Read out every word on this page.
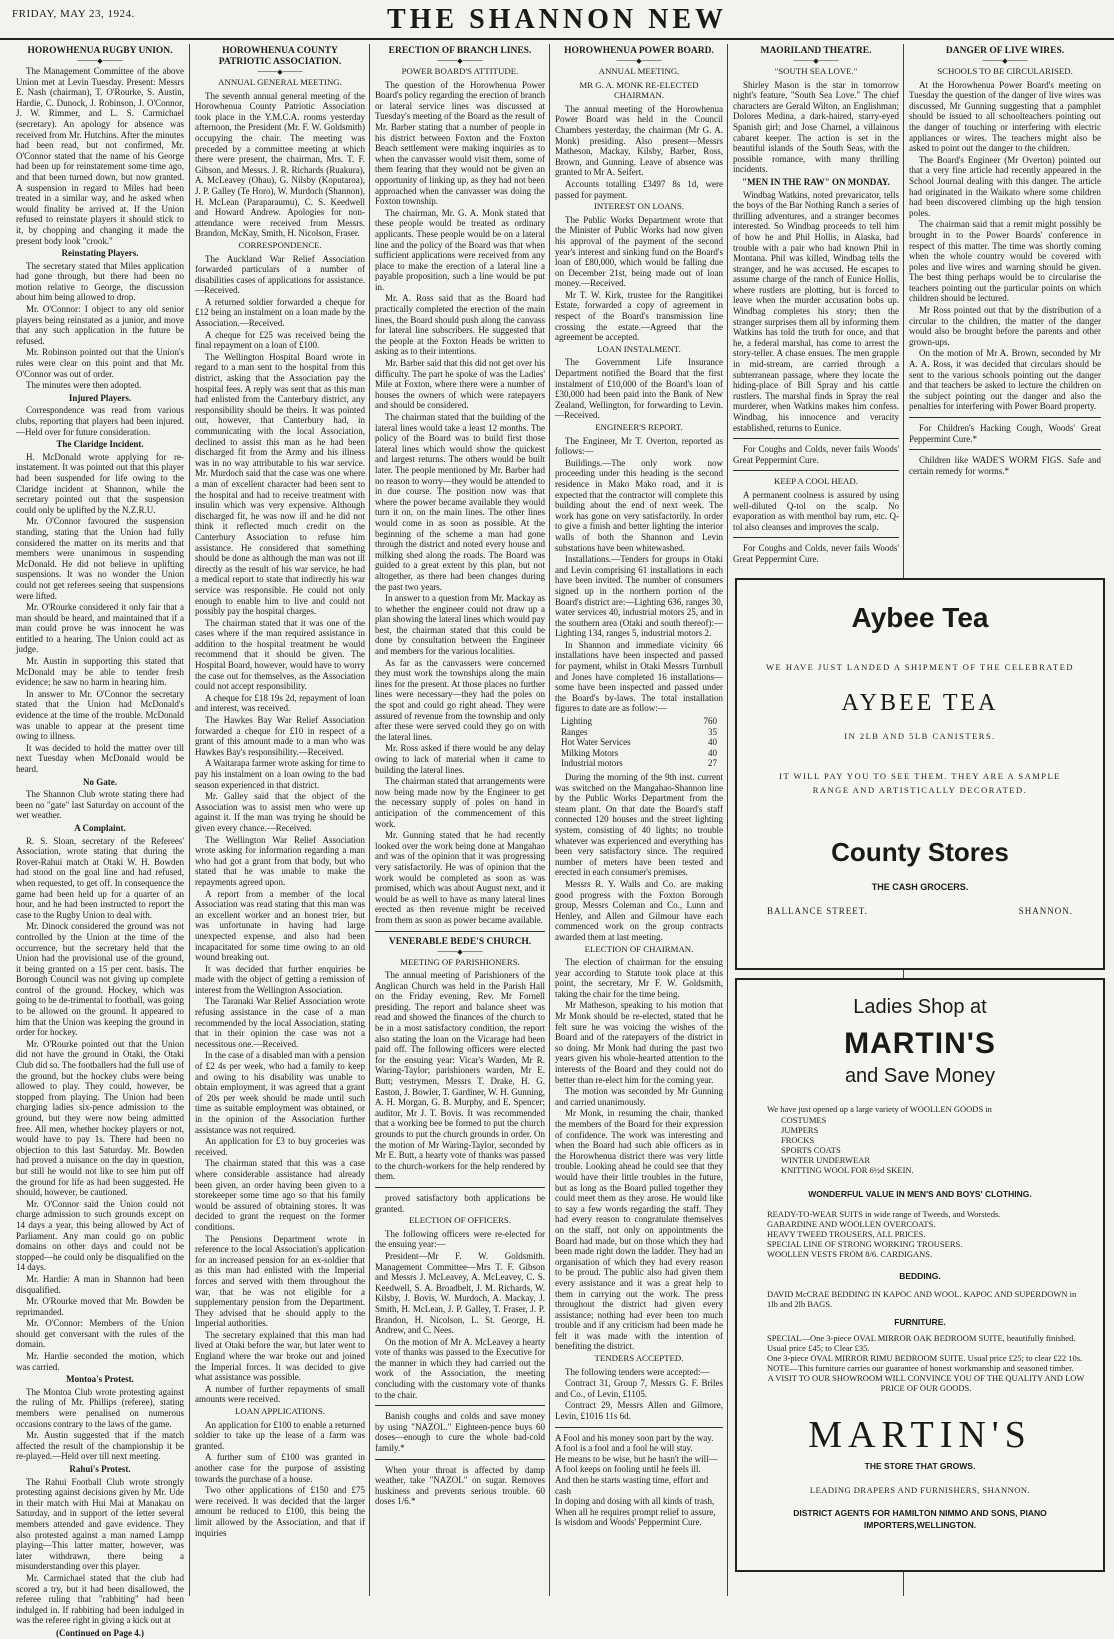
FRIDAY, MAY 23, 1924.	THE SHANNON NEW
HOROWHENUA RUGBY UNION.
────◆────

The Management Committee of the above Union met at Levin Tuesday. Present: Messrs E. Nash (chairman), T. O'Rourke, S. Austin, Hardie, C. Dunock, J. Robinson, J. O'Connor, J. W. Rimmer, and L. S. Carmichael (secretary). An apology for absence was received from Mr. Hutchins. After the minutes had been read, but not confirmed, Mr. O'Connor stated that the name of his George had been up for reinstatement some time ago, and that been turned down, but now granted. A suspension in regard to Miles had been treated in a similar way, and he asked when would finality be arrived at. If the Union refused to reinstate players it should stick to it, by chopping and changing it made the present body look "crook."

Reinstating Players.

The secretary stated that Miles application had gone through, but there had been no motion relative to George, the discussion about him being allowed to drop.

Mr. O'Connor: I object to any old senior players being reinstated as a junior, and move that any such application in the future be refused.

Mr. Robinson pointed out that the Union's rules were clear on this point and that Mr. O'Connor was out of order.

The minutes were then adopted.

Injured Players.

Correspondence was read from various clubs, reporting that players had been injured.—Held over for future consideration.

The Claridge Incident.

H. McDonald wrote applying for re-instatement. It was pointed out that this player had been suspended for life owing to the Claridge incident at Shannon, while the secretary pointed out that the suspension could only be uplifted by the N.Z.R.U.

Mr. O'Connor favoured the suspension standing, stating that the Union had fully considered the matter on its merits and that members were unanimous in suspending McDonald. He did not believe in uplifting suspensions. It was no wonder the Union could not get referees seeing that suspensions were lifted.

Mr. O'Rourke considered it only fair that a man should be heard, and maintained that if a man could prove he was innocent he was entitled to a hearing. The Union could act as judge.

Mr. Austin in supporting this stated that McDonald may be able to tender fresh evidence; he saw no harm in hearing him.

In answer to Mr. O'Connor the secretary stated that the Union had McDonald's evidence at the time of the trouble. McDonald was unable to appear at the present time owing to illness.

It was decided to hold the matter over till next Tuesday when McDonald would be heard.

No Gate.

The Shannon Club wrote stating there had been no "gate" last Saturday on account of the wet weather.

A Complaint.

R. S. Sloan, secretary of the Referees' Association, wrote stating that during the Rover-Rahui match at Otaki W. H. Bowden had stood on the goal line and had refused, when requested, to get off. In consequence the game had been held up for a quarter of an hour, and he had been instructed to report the case to the Rugby Union to deal with.

Mr. Dinock considered the ground was not controlled by the Union at the time of the occurrence, but the secretary held that the Union had the provisional use of the ground, it being granted on a 15 per cent. basis. The Borough Council was not giving up complete control of the ground. Hockey, which was going to be de-trimental to football, was going to be allowed on the ground. It appeared to him that the Union was keeping the ground in order for hockey.

Mr. O'Rourke pointed out that the Union did not have the ground in Otaki, the Otaki Club did so. The footballers had the full use of the ground, but the hockey clubs were being allowed to play. They could, however, be stopped from playing. The Union had been charging ladies six-pence admission to the ground, but they were now being admitted free. All men, whether hockey players or not, would have to pay 1s. There had been no objection to this last Saturday. Mr. Bowden had proved a nuisance on the day in question, but still he would not like to see him put off the ground for life as had been suggested. He should, however, be cautioned.

Mr. O'Connor said the Union could not charge admission to such grounds except on 14 days a year, this being allowed by Act of Parliament. Any man could go on public domains on other days and could not be stopped—he could only be disqualified on the 14 days.

Mr. Hardie: A man in Shannon had been disqualified.

Mr. O'Rourke moved that Mr. Bowden be reprimanded.

Mr. O'Connor: Members of the Union should get conversant with the rules of the domain.

Mr. Hardie seconded the motion, which was carried.

Montoa's Protest.

The Montoa Club wrote protesting against the ruling of Mr. Phillips (referee), stating members were penalised on numerous occasions contrary to the laws of the game.

Mr. Austin suggested that if the match affected the result of the championship it be re-played.—Held over till next meeting.

Rahui's Protest.

The Rahui Football Club wrote strongly protesting against decisions given by Mr. Ude in their match with Hui Mai at Manakau on Saturday, and in support of the letter several members attended and gave evidence. They also protested against a man named Lampp playing—This latter matter, however, was later withdrawn, there being a misunderstanding over this player.

Mr. Carmichael stated that the club had scored a try, but it had been disallowed, the referee ruling that "rabbiting" had been indulged in. If rabbiting had been indulged in was the referee right in giving a kick out at

(Continued on Page 4.)
HOROWHENUA COUNTY PATRIOTIC ASSOCIATION.
────◆────
ANNUAL GENERAL MEETING.

The seventh annual general meeting of the Horowhenua County Patriotic Association took place in the Y.M.C.A. rooms yesterday afternoon, the President (Mr. F. W. Goldsmith) occupying the chair. The meeting was preceded by a committee meeting at which there were present, the chairman, Mrs. T. F. Gibson, and Messrs. J. R. Richards (Ruakura), A. McLeavey (Ohau), G. Nilsby (Koputaroa), J. P. Galley (Te Horo), W. Murdoch (Shannon), H. McLean (Paraparaumu), C. S. Keedwell and Howard Andrew. Apologies for non-attendance were received from Messrs. Brandon, McKay, Smith, H. Nicolson, Fraser.

CORRESPONDENCE.

The Auckland War Relief Association forwarded particulars of a number of disabilities cases of applications for assistance.—Received.

A returned soldier forwarded a cheque for £12 being an instalment on a loan made by the Association.—Received.

A cheque for £25 was received being the final repayment on a loan of £100.

The Wellington Hospital Board wrote in regard to a man sent to the hospital from this district, asking that the Association pay the hospital fees. A reply was sent that as this man had enlisted from the Canterbury district, any responsibility should be theirs. It was pointed out, however, that Canterbury had, in communicating with the local Association, declined to assist this man as he had been discharged fit from the Army and his illness was in no way attributable to his war service. Mr. Murdoch said that the case was one where a man of excellent character had been sent to the hospital and had to receive treatment with insulin which was very expensive. Although discharged fit, he was now ill and he did not think it reflected much credit on the Canterbury Association to refuse him assistance. He considered that something should be done as although the man was not ill directly as the result of his war service, he had a medical report to state that indirectly his war service was responsible. He could not only enough to enable him to live and could not possibly pay the hospital charges.

The chairman stated that it was one of the cases where if the man required assistance in addition to the hospital treatment he would recommend that it should be given. The Hospital Board, however, would have to worry the case out for themselves, as the Association could not accept responsibility.

A cheque for £18 19s 2d, repayment of loan and interest, was received.

The Hawkes Bay War Relief Association forwarded a cheque for £10 in respect of a grant of this amount made to a man who was Hawkes Bay's responsibility.—Received.

A Waitarapa farmer wrote asking for time to pay his instalment on a loan owing to the bad season experienced in that district.

Mr. Galley said that the object of the Association was to assist men who were up against it. If the man was trying he should be given every chance.—Received.

The Wellington War Relief Association wrote asking for information regarding a man who had got a grant from that body, but who stated that he was unable to make the repayments agreed upon.

A report from a member of the local Association was read stating that this man was an excellent worker and an honest trier, but was unfortunate in having had large unexpected expense, and also had been incapacitated for some time owing to an old wound breaking out.

It was decided that further enquiries be made with the object of getting a remission of interest from the Wellington Association.

The Taranaki War Relief Association wrote refusing assistance in the case of a man recommended by the local Association, stating that in their opinion the case was not a necessitous one.—Received.

In the case of a disabled man with a pension of £2 4s per week, who had a family to keep and owing to his disability was unable to obtain employment, it was agreed that a grant of 20s per week should be made until such time as suitable employment was obtained, or in the opinion of the Association further assistance was not required.

An application for £3 to buy groceries was received.

The chairman stated that this was a case where considerable assistance had already been given, an order having been given to a storekeeper some time ago so that his family would be assured of obtaining stores. It was decided to grant the request on the former conditions.

The Pensions Department wrote in reference to the local Association's application for an increased pension for an ex-soldier that as this man had enlisted with the Imperial forces and served with them throughout the war, that he was not eligible for a supplementary pension from the Department. They advised that he should apply to the Imperial authorities.

The secretary explained that this man had lived at Otaki before the war, but later went to England where the war broke out and joined the Imperial forces. It was decided to give what assistance was possible.

A number of further repayments of small amounts were received.

LOAN APPLICATIONS.

An application for £100 to enable a returned soldier to take up the lease of a farm was granted.

A further sum of £100 was granted in another case for the purpose of assisting towards the purchase of a house.

Two other applications of £150 and £75 were received. It was decided that the larger amount be reduced to £100, this being the limit allowed by the Association, and that if inquiries

ERECTION OF BRANCH LINES.
────◆────
POWER BOARD'S ATTITUDE.

The question of the Horowhenua Power Board's policy regarding the erection of branch or lateral service lines was discussed at Tuesday's meeting of the Board as the result of Mr. Barber stating that a number of people in his district between Foxton and the Foxton Beach settlement were making inquiries as to when the canvasser would visit them, some of them fearing that they would not be given an opportunity of linking up, as they had not been approached when the canvasser was doing the Foxton township.

The chairman, Mr. G. A. Monk stated that these people would be treated as ordinary applicants. These people would be on a lateral line and the policy of the Board was that when sufficient applications were received from any place to make the erection of a lateral line a payable proposition, such a line would be put in.

Mr. A. Ross said that as the Board had practically completed the erection of the main lines, the Board should push along the canvass for lateral line subscribers. He suggested that the people at the Foxton Heads be written to asking as to their intentions.

Mr. Barber said that this did not get over his difficulty. The part he spoke of was the Ladies' Mile at Foxton, where there were a number of houses the owners of which were ratepayers and should be considered.

The chairman stated that the building of the lateral lines would take a least 12 months. The policy of the Board was to build first those lateral lines which would show the quickest and largest returns. The others would be built later. The people mentioned by Mr. Barber had no reason to worry—they would be attended to in due course. The position now was that where the power became available they would turn it on, on the main lines. The other lines would come in as soon as possible. At the beginning of the scheme a man had gone through the district and noted every house and milking shed along the roads. The Board was guided to a great extent by this plan, but not altogether, as there had been changes during the past two years.

In answer to a question from Mr. Mackay as to whether the engineer could not draw up a plan showing the lateral lines which would pay best, the chairman stated that this could be done by consultation between the Engineer and members for the various localities.

As far as the canvassers were concerned they must work the townships along the main lines for the present. At those places no further lines were necessary—they had the poles on the spot and could go right ahead. They were assured of revenue from the township and only after these were served could they go on with the lateral lines.

Mr. Ross asked if there would be any delay owing to lack of material when it came to building the lateral lines.

The chairman stated that arrangements were now being made now by the Engineer to get the necessary supply of poles on hand in anticipation of the commencement of this work.

Mr. Gunning stated that he had recently looked over the work being done at Mangahao and was of the opinion that it was progressing very satisfactorily. He was of opinion that the work would be completed as soon as was promised, which was about August next, and it would be as well to have as many lateral lines erected as then revenue might be received from them as soon as power became available.

VENERABLE BEDE'S CHURCH.
────◆────
MEETING OF PARISHIONERS.

The annual meeting of Parishioners of the Anglican Church was held in the Parish Hall on the Friday evening, Rev. Mr Fornell presiding. The report and balance sheet was read and showed the finances of the church to be in a most satisfactory condition, the report also stating the loan on the Vicarage had been paid off. The following officers were elected for the ensuing year: Vicar's Warden, Mr R. Waring-Taylor; parishioners warden, Mr E. Butt; vestrymen, Messrs T. Drake, H. G. Easton, J. Bowler, T. Gardiner, W. H. Gunning, A. H. Morgan, G. B. Murphy, and E. Spencer; auditor, Mr J. T. Bovis. It was recommended that a working bee be formed to put the church grounds to put the church grounds in order. On the motion of Mr Waring-Taylor, seconded by Mr E. Butt, a hearty vote of thanks was passed to the church-workers for the help rendered by them.

proved satisfactory both applications be granted.

ELECTION OF OFFICERS.

The following officers were re-elected for the ensuing year:—

President—Mr F. W. Goldsmith. Management Committee—Mrs T. F. Gibson and Messrs J. McLeavey, A. McLeavey, C. S. Keedwell, S. A. Broadbelt, J. M. Richards, W. Kilsby, J. Bovis, W. Murdoch, A. Mackay, J. Smith, H. McLean, J. P. Galley, T. Fraser, J. P. Brandon, H. Nicolson, L. St. George, H. Andrew, and C. Nees.

On the motion of Mr A. McLeavey a hearty vote of thanks was passed to the Executive for the manner in which they had carried out the work of the Association, the meeting concluding with the customary vote of thanks to the chair.

Banish coughs and colds and save money by using "NAZOL." Eighteen-pence buys 60 doses—enough to cure the whole bad-cold family.*

When your throat is affected by damp weather, take "NAZOL" on sugar. Removes huskiness and prevents serious trouble. 60 doses 1/6.*

HOROWHENUA POWER BOARD.
────◆────
ANNUAL MEETING.
MR G. A. MONK RE-ELECTED CHAIRMAN.

The annual meeting of the Horowhenua Power Board was held in the Council Chambers yesterday, the chairman (Mr G. A. Monk) presiding. Also present—Messrs Matheson, Mackay, Kilsby, Barber, Ross, Brown, and Gunning. Leave of absence was granted to Mr A. Seifert.

Accounts totalling £3497 8s 1d, were passed for payment.

INTEREST ON LOANS.

The Public Works Department wrote that the Minister of Public Works had now given his approval of the payment of the second year's interest and sinking fund on the Board's loan of £80,000, which would be falling due on December 21st, being made out of loan money.—Received.

Mr T. W. Kirk, trustee for the Rangitikei Estate, forwarded a copy of agreement in respect of the Board's transmission line crossing the estate.—Agreed that the agreement be accepted.

LOAN INSTALMENT.

The Government Life Insurance Department notified the Board that the first instalment of £10,000 of the Board's loan of £30,000 had been paid into the Bank of New Zealand, Wellington, for forwarding to Levin.—Received.

ENGINEER'S REPORT.

The Engineer, Mr T. Overton, reported as follows:—

Buildings.—The only work now proceeding under this heading is the second residence in Mako Mako road, and it is expected that the contractor will complete this building about the end of next week. The work has gone on very satisfactorily. In order to give a finish and better lighting the interior walls of both the Shannon and Levin substations have been whitewashed.

Installations.—Tenders for groups in Otaki and Levin comprising 61 installations in each have been invited. The number of consumers signed up in the northern portion of the Board's district are:—Lighting 636, ranges 30, water services 40, industrial motors 25, and in the southern area (Otaki and south thereof):—Lighting 134, ranges 5, industrial motors 2.

In Shannon and immediate vicinity 66 installations have been inspected and passed for payment, whilst in Otaki Messrs Turnbull and Jones have completed 16 installations—some have been inspected and passed under the Board's by-laws. The total installation figures to date are as follow:—

Lighting	760
Ranges	35
Hot Water Services	40
Milking Motors	40
Industrial motors	27

During the morning of the 9th inst. current was switched on the Mangahao-Shannon line by the Public Works Department from the steam plant. On that date the Board's staff connected 120 houses and the street lighting system, consisting of 40 lights; no trouble whatever was experienced and everything has been very satisfactory since. The required number of meters have been tested and erected in each consumer's premises.

Messrs R. Y. Walls and Co. are making good progress with the Foxton Borough group, Messrs Coleman and Co., Lunn and Henley, and Allen and Gilmour have each commenced work on the group contracts awarded them at last meeting.

ELECTION OF CHAIRMAN.

The election of chairman for the ensuing year according to Statute took place at this point, the secretary, Mr F. W. Goldsmith, taking the chair for the time being.

Mr Matheson, speaking to his motion that Mr Monk should be re-elected, stated that he felt sure he was voicing the wishes of the Board and of the ratepayers of the district in so doing. Mr Monk had during the past two years given his whole-hearted attention to the interests of the Board and they could not do better than re-elect him for the coming year.

The motion was seconded by Mr Gunning and carried unanimously.

Mr Monk, in resuming the chair, thanked the members of the Board for their expression of confidence. The work was interesting and when the Board had such able officers as in the Horowhenua district there was very little trouble. Looking ahead he could see that they would have their little troubles in the future, but as long as the Board pulled together they could meet them as they arose. He would like to say a few words regarding the staff. They had every reason to congratulate themselves on the staff, not only on appointments the Board had made, but on those which they had been made right down the ladder. They had an organisation of which they had every reason to be proud. The public also had given them every assistance and it was a great help to them in carrying out the work. The press throughout the district had given every assistance; nothing had ever been too much trouble and if any criticism had been made he felt it was made with the intention of benefiting the district.

TENDERS ACCEPTED.

The following tenders were accepted:—

Contract 31, Group 7, Messrs G. F. Briles and Co., of Levin, £1105.

Contract 29, Messrs Allen and Gilmore, Levin, £1016 11s 6d.

A Fool and his money soon part by the way.
A fool is a fool and a fool he will stay.
He means to be wise, but he hasn't the will—
A fool keeps on fooling until he feels ill.
And then he starts wasting time, effort and cash
In doping and dosing with all kinds of trash,
When all he requires prompt relief to assure,
Is wisdom and Woods' Peppermint Cure.
MAORILAND THEATRE.
────◆────
"SOUTH SEA LOVE."

Shirley Mason is the star in tomorrow night's feature, "South Sea Love." The chief characters are Gerald Wilton, an Englishman; Dolores Medina, a dark-haired, starry-eyed Spanish girl; and Jose Charnel, a villainous cabaret keeper. The action is set in the beautiful islands of the South Seas, with the possible romance, with many thrilling incidents.

"MEN IN THE RAW" ON MONDAY.

Windbag Watkins, noted prevaricator, tells the boys of the Bar Nothing Ranch a series of thrilling adventures, and a stranger becomes interested. So Windbag proceeds to tell him of how he and Phil Hollis, in Alaska, had trouble with a pair who had known Phil in Montana. Phil was killed, Windbag tells the stranger, and he was accused. He escapes to assume charge of the ranch of Eunice Hollis, where rustlers are plotting, but is forced to leave when the murder accusation bobs up. Windbag completes his story; then the stranger surprises them all by informing them Watkins has told the truth for once, and that he, a federal marshal, has come to arrest the story-teller. A chase ensues. The men grapple in mid-stream, are carried through a subterranean passage, where they locate the hiding-place of Bill Spray and his cattle rustlers. The marshal finds in Spray the real murderer, when Watkins makes him confess. Windbag, his innocence and veracity established, returns to Eunice.

For Coughs and Colds, never fails Woods' Great Peppermint Cure.

KEEP A COOL HEAD.

A permanent coolness is assured by using well-diluted Q-tol on the scalp. No evaporation as with menthol bay rum, etc. Q-tol also cleanses and improves the scalp.

For Coughs and Colds, never fails Woods' Great Peppermint Cure.

DANGER OF LIVE WIRES.
────◆────
SCHOOLS TO BE CIRCULARISED.

At the Horowhenua Power Board's meeting on Tuesday the question of the danger of live wires was discussed, Mr Gunning suggesting that a pamphlet should be issued to all schoolteachers pointing out the danger of touching or interfering with electric appliances or wires. The teachers might also be asked to point out the danger to the children.

The Board's Engineer (Mr Overton) pointed out that a very fine article had recently appeared in the School Journal dealing with this danger. The article had originated in the Waikato where some children had been discovered climbing up the high tension poles.

The chairman said that a remit might possibly be brought in to the Power Boards' conference in respect of this matter. The time was shortly coming when the whole country would be covered with poles and live wires and warning should be given. The best thing perhaps would be to circularise the teachers pointing out the particular points on which children should be lectured.

Mr Ross pointed out that by the distribution of a circular to the children, the matter of the danger would also be brought before the parents and other grown-ups.

On the motion of Mr A. Brown, seconded by Mr A. A. Ross, it was decided that circulars should be sent to the various schools pointing out the danger and that teachers be asked to lecture the children on the subject pointing out the danger and also the penalties for interfering with Power Board property.

For Children's Hacking Cough, Woods' Great Peppermint Cure.*

Children like WADE'S WORM FIGS. Safe and certain remedy for worms.*

Aybee Tea
WE HAVE JUST LANDED A SHIPMENT OF THE CELEBRATED
AYBEE TEA
IN 2LB AND 5LB CANISTERS.
IT WILL PAY YOU TO SEE THEM. THEY ARE A SAMPLE RANGE AND ARTISTICALLY DECORATED.
County Stores
THE CASH GROCERS.
BALLANCE STREET.	SHANNON.
Ladies Shop at
MARTIN'S
and Save Money
We have just opened up a large variety of WOOLLEN GOODS in
COSTUMES
JUMPERS
FROCKS
SPORTS COATS
WINTER UNDERWEAR
KNITTING WOOL FOR 6½d SKEIN.
WONDERFUL VALUE IN MEN'S AND BOYS' CLOTHING.
READY-TO-WEAR SUITS in wide range of Tweeds, and Worsteds.
GABARDINE AND WOOLLEN OVERCOATS.
HEAVY TWEED TROUSERS, ALL PRICES.
SPECIAL LINE OF STRONG WORKING TROUSERS.
WOOLLEN VESTS FROM 8/6. CARDIGANS.
BEDDING.
DAVID McCRAE BEDDING IN KAPOC AND WOOL. KAPOC AND SUPERDOWN in 1lb and 2lb BAGS.
FURNITURE.
SPECIAL—One 3-piece OVAL MIRROR OAK BEDROOM SUITE, beautifully finished. Usual price £45; to Clear £35.
One 3-piece OVAL MIRROR RIMU BEDROOM SUITE. Usual price £25; to clear £22 10s.
NOTE—This furniture carries our guarantee of honest workmanship and seasoned timber.
A VISIT TO OUR SHOWROOM WILL CONVINCE YOU OF THE QUALITY AND LOW PRICE OF OUR GOODS.
MARTIN'S
THE STORE THAT GROWS.
LEADING DRAPERS AND FURNISHERS, SHANNON.
DISTRICT AGENTS FOR HAMILTON NIMMO AND SONS, PIANO IMPORTERS,WELLINGTON.
